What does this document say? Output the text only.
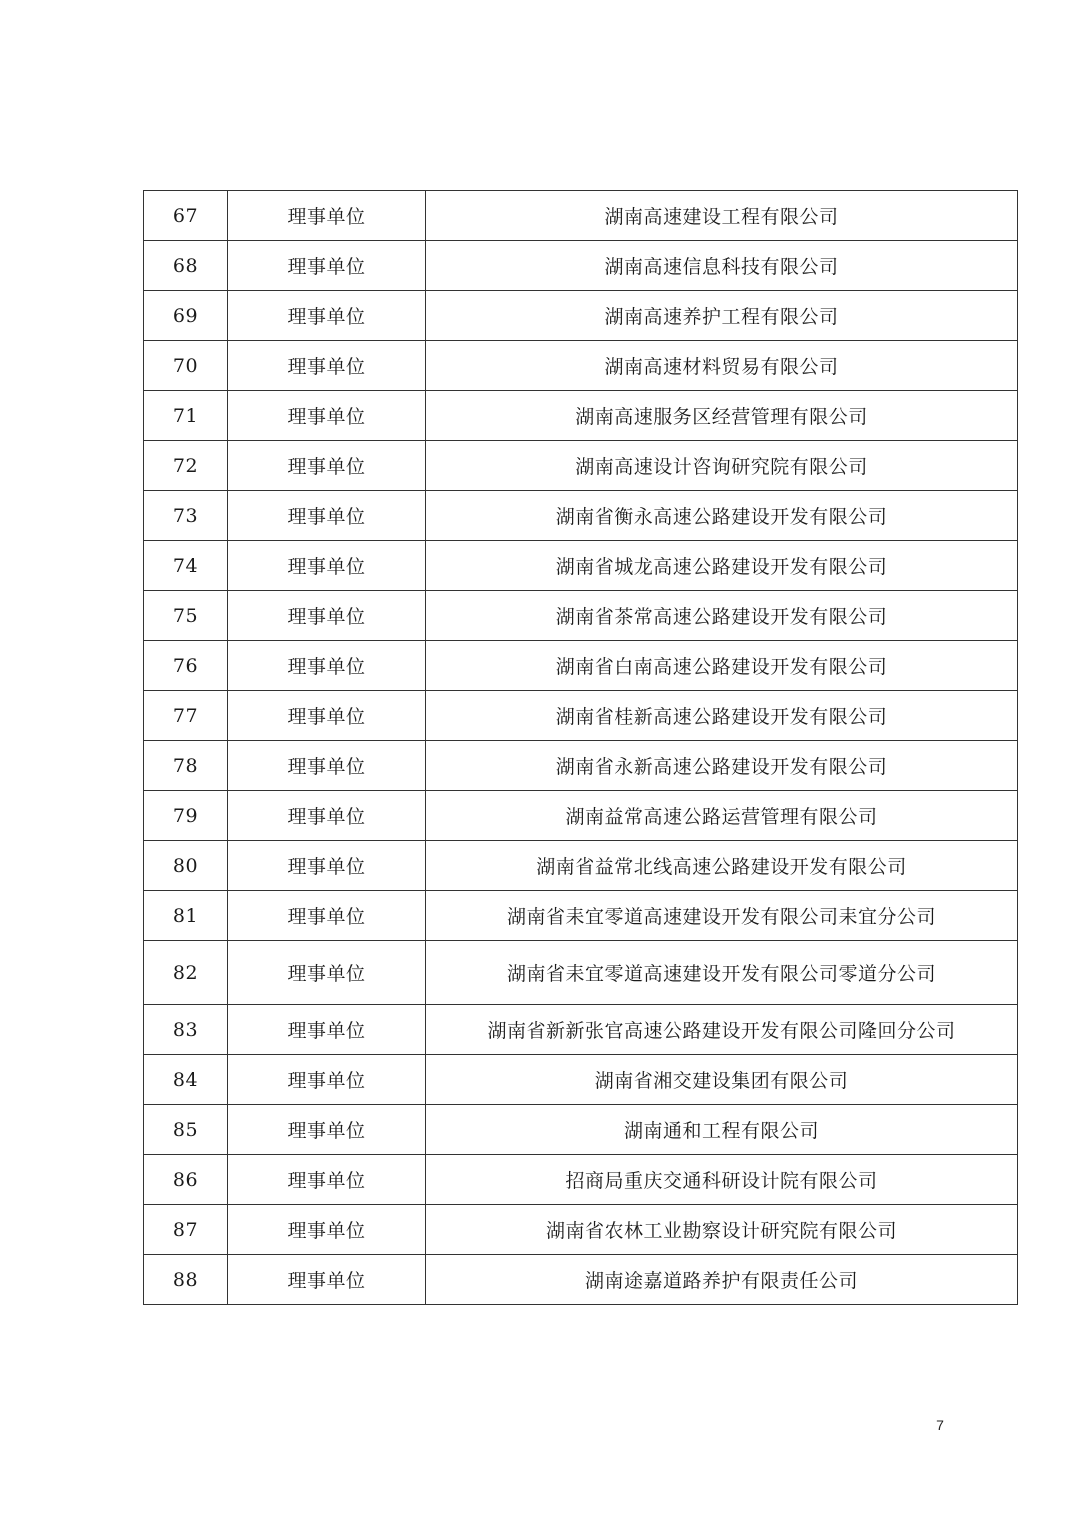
67	理事单位	湖南高速建设工程有限公司
68	理事单位	湖南高速信息科技有限公司
69	理事单位	湖南高速养护工程有限公司
70	理事单位	湖南高速材料贸易有限公司
71	理事单位	湖南高速服务区经营管理有限公司
72	理事单位	湖南高速设计咨询研究院有限公司
73	理事单位	湖南省衡永高速公路建设开发有限公司
74	理事单位	湖南省城龙高速公路建设开发有限公司
75	理事单位	湖南省茶常高速公路建设开发有限公司
76	理事单位	湖南省白南高速公路建设开发有限公司
77	理事单位	湖南省桂新高速公路建设开发有限公司
78	理事单位	湖南省永新高速公路建设开发有限公司
79	理事单位	湖南益常高速公路运营管理有限公司
80	理事单位	湖南省益常北线高速公路建设开发有限公司
81	理事单位	湖南省耒宜零道高速建设开发有限公司耒宜分公司
82	理事单位	湖南省耒宜零道高速建设开发有限公司零道分公司
83	理事单位	湖南省新新张官高速公路建设开发有限公司隆回分公司
84	理事单位	湖南省湘交建设集团有限公司
85	理事单位	湖南通和工程有限公司
86	理事单位	招商局重庆交通科研设计院有限公司
87	理事单位	湖南省农林工业勘察设计研究院有限公司
88	理事单位	湖南途嘉道路养护有限责任公司
7
